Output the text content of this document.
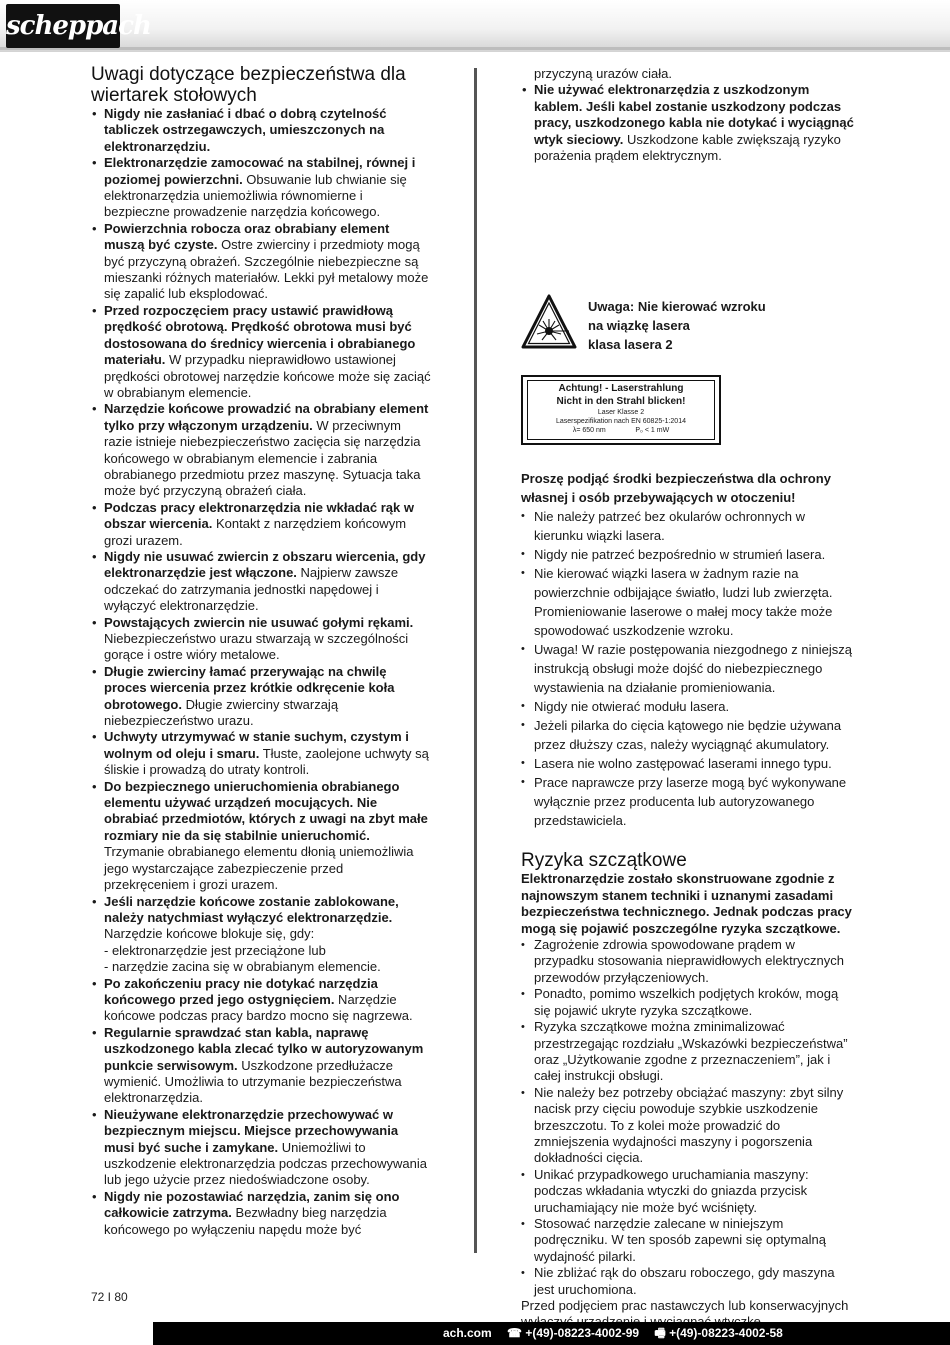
scheppach
Uwagi dotyczące bezpieczeństwa dla wiertarek stołowych
• Nigdy nie zasłaniać i dbać o dobrą czytelność tabliczek ostrzegawczych, umieszczonych na elektronarzędziu.
• Elektronarzędzie zamocować na stabilnej, równej i poziomej powierzchni. Obsuwanie lub chwianie się elektronarzędzia uniemożliwia równomierne i bezpieczne prowadzenie narzędzia końcowego.
• Powierzchnia robocza oraz obrabiany element muszą być czyste. Ostre zwierciny i przedmioty mogą być przyczyną obrażeń. Szczególnie niebezpieczne są mieszanki różnych materiałów. Lekki pył metalowy może się zapalić lub eksplodować.
• Przed rozpoczęciem pracy ustawić prawidłową prędkość obrotową. Prędkość obrotowa musi być dostosowana do średnicy wiercenia i obrabianego materiału. W przypadku nieprawidłowo ustawionej prędkości obrotowej narzędzie końcowe może się zaciąć w obrabianym elemencie.
• Narzędzie końcowe prowadzić na obrabiany element tylko przy włączonym urządzeniu. W przeciwnym razie istnieje niebezpieczeństwo zacięcia się narzędzia końcowego w obrabianym elemencie i zabrania obrabianego przedmiotu przez maszynę. Sytuacja taka może być przyczyną obrażeń ciała.
• Podczas pracy elektronarzędzia nie wkładać rąk w obszar wiercenia. Kontakt z narzędziem końcowym grozi urazem.
• Nigdy nie usuwać zwiercin z obszaru wiercenia, gdy elektronarzędzie jest włączone. Najpierw zawsze odczekać do zatrzymania jednostki napędowej i wyłączyć elektronarzędzie.
• Powstających zwiercin nie usuwać gołymi rękami. Niebezpieczeństwo urazu stwarzają w szczególności gorące i ostre wióry metalowe.
• Długie zwierciny łamać przerywając na chwilę proces wiercenia przez krótkie odkręcenie koła obrotowego. Długie zwierciny stwarzają niebezpieczeństwo urazu.
• Uchwyty utrzymywać w stanie suchym, czystym i wolnym od oleju i smaru. Tłuste, zaolejone uchwyty są śliskie i prowadzą do utraty kontroli.
• Do bezpiecznego unieruchomienia obrabianego elementu używać urządzeń mocujących. Nie obrabiać przedmiotów, których z uwagi na zbyt małe rozmiary nie da się stabilnie unieruchomić. Trzymanie obrabianego elementu dłonią uniemożliwia jego wystarczające zabezpieczenie przed przekręceniem i grozi urazem.
• Jeśli narzędzie końcowe zostanie zablokowane, należy natychmiast wyłączyć elektronarzędzie. Narzędzie końcowe blokuje się, gdy:
- elektronarzędzie jest przeciążone lub
- narzędzie zacina się w obrabianym elemencie.
• Po zakończeniu pracy nie dotykać narzędzia końcowego przed jego ostygnięciem. Narzędzie końcowe podczas pracy bardzo mocno się nagrzewa.
• Regularnie sprawdzać stan kabla, naprawę uszkodzonego kabla zlecać tylko w autoryzowanym punkcie serwisowym. Uszkodzone przedłużacze wymienić. Umożliwia to utrzymanie bezpieczeństwa elektronarzędzia.
• Nieużywane elektronarzędzie przechowywać w bezpiecznym miejscu. Miejsce przechowywania musi być suche i zamykane. Uniemożliwi to uszkodzenie elektronarzędzia podczas przechowywania lub jego użycie przez niedoświadczone osoby.
• Nigdy nie pozostawiać narzędzia, zanim się ono całkowicie zatrzyma. Bezwładny bieg narzędzia końcowego po wyłączeniu napędu może być
przyczyną urazów ciała.
• Nie używać elektronarzędzia z uszkodzonym kablem. Jeśli kabel zostanie uszkodzony podczas pracy, uszkodzonego kabla nie dotykać i wyciągnąć wtyk sieciowy. Uszkodzone kable zwiększają ryzyko porażenia prądem elektrycznym.
Uwaga: Nie kierować wzroku
na wiązkę lasera
klasa lasera 2
Achtung! - Laserstrahlung
Nicht in den Strahl blicken!
Laser Klasse 2
Laserspezifikation nach EN 60825-1:2014
λ= 650 nm	P₀ < 1 mW
Proszę podjąć środki bezpieczeństwa dla ochrony własnej i osób przebywających w otoczeniu!
• Nie należy patrzeć bez okularów ochronnych w kierunku wiązki lasera.
• Nigdy nie patrzeć bezpośrednio w strumień lasera.
• Nie kierować wiązki lasera w żadnym razie na powierzchnie odbijające światło, ludzi lub zwierzęta. Promieniowanie laserowe o małej mocy także może spowodować uszkodzenie wzroku.
• Uwaga! W razie postępowania niezgodnego z niniejszą instrukcją obsługi może dojść do niebezpiecznego wystawienia na działanie promieniowania.
• Nigdy nie otwierać modułu lasera.
• Jeżeli pilarka do cięcia kątowego nie będzie używana przez dłuższy czas, należy wyciągnąć akumulatory.
• Lasera nie wolno zastępować laserami innego typu.
• Prace naprawcze przy laserze mogą być wykonywane wyłącznie przez producenta lub autoryzowanego przedstawiciela.
Ryzyka szczątkowe
Elektronarzędzie zostało skonstruowane zgodnie z najnowszym stanem techniki i uznanymi zasadami bezpieczeństwa technicznego. Jednak podczas pracy mogą się pojawić poszczególne ryzyka szczątkowe.
• Zagrożenie zdrowia spowodowane prądem w przypadku stosowania nieprawidłowych elektrycznych przewodów przyłączeniowych.
• Ponadto, pomimo wszelkich podjętych kroków, mogą się pojawić ukryte ryzyka szczątkowe.
• Ryzyka szczątkowe można zminimalizować przestrzegając rozdziału „Wskazówki bezpieczeństwa” oraz „Użytkowanie zgodne z przeznaczeniem”, jak i całej instrukcji obsługi.
• Nie należy bez potrzeby obciążać maszyny: zbyt silny nacisk przy cięciu powoduje szybkie uszkodzenie brzeszczotu. To z kolei może prowadzić do zmniejszenia wydajności maszyny i pogorszenia dokładności cięcia.
• Unikać przypadkowego uruchamiania maszyny: podczas wkładania wtyczki do gniazda przycisk uruchamiający nie może być wciśnięty.
• Stosować narzędzie zalecane w niniejszym podręczniku. W ten sposób zapewni się optymalną wydajność pilarki.
• Nie zbliżać rąk do obszaru roboczego, gdy maszyna jest uruchomiona.
Przed podjęciem prac nastawczych lub konserwacyjnych
72 I 80
ach.com ☎ +(49)-08223-4002-99 🖷 +(49)-08223-4002-58
